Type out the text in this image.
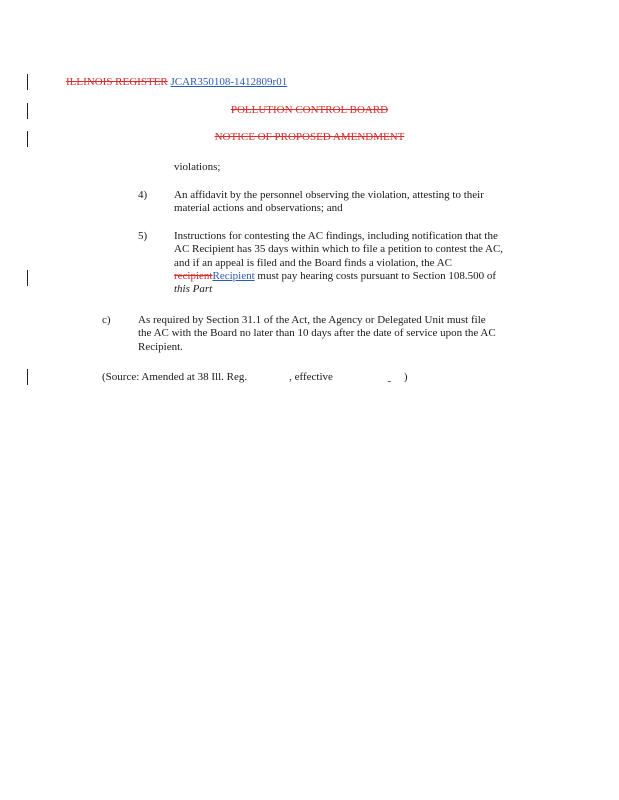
ILLINOIS REGISTER JCAR350108-1412809r01
POLLUTION CONTROL BOARD
NOTICE OF PROPOSED AMENDMENT
violations;
4) An affidavit by the personnel observing the violation, attesting to their
material actions and observations; and
5) Instructions for contesting the AC findings, including notification that the
AC Recipient has 35 days within which to file a petition to contest the AC,
and if an appeal is filed and the Board finds a violation, the AC
recipientRecipient must pay hearing costs pursuant to Section 108.500 of
this Part
c) As required by Section 31.1 of the Act, the Agency or Delegated Unit must file
the AC with the Board no later than 10 days after the date of service upon the AC
Recipient.
(Source: Amended at 38 Ill. Reg.	, effective	)
